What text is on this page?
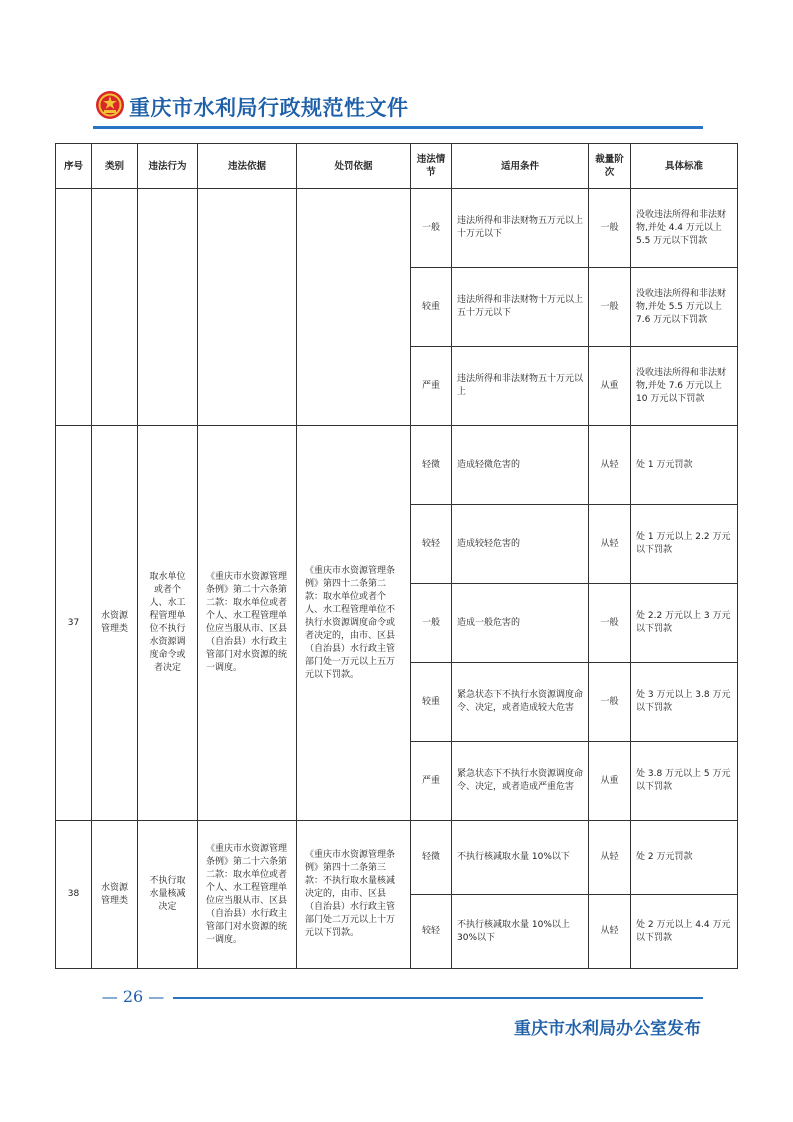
重庆市水利局行政规范性文件
序号	类别	违法行为	违法依据	处罚依据	违法情节	适用条件	裁量阶次	具体标准
					一般	违法所得和非法财物五万元以上十万元以下	一般	没收违法所得和非法财物,并处 4.4 万元以上 5.5 万元以下罚款
					较重	违法所得和非法财物十万元以上五十万元以下	一般	没收违法所得和非法财物,并处 5.5 万元以上 7.6 万元以下罚款
					严重	违法所得和非法财物五十万元以上	从重	没收违法所得和非法财物,并处 7.6 万元以上 10 万元以下罚款
37	水资源管理类	取水单位或者个人、水工程管理单位不执行水资源调度命令或者决定	《重庆市水资源管理条例》第二十六条第二款：取水单位或者个人、水工程管理单位应当服从市、区县（自治县）水行政主管部门对水资源的统一调度。	《重庆市水资源管理条例》第四十二条第二款：取水单位或者个人、水工程管理单位不执行水资源调度命令或者决定的，由市、区县（自治县）水行政主管部门处一万元以上五万元以下罚款。	轻微	造成轻微危害的	从轻	处 1 万元罚款
					较轻	造成较轻危害的	从轻	处 1 万元以上 2.2 万元以下罚款
					一般	造成一般危害的	一般	处 2.2 万元以上 3 万元以下罚款
					较重	紧急状态下不执行水资源调度命令、决定，或者造成较大危害	一般	处 3 万元以上 3.8 万元以下罚款
					严重	紧急状态下不执行水资源调度命令、决定，或者造成严重危害	从重	处 3.8 万元以上 5 万元以下罚款
38	水资源管理类	不执行取水量核减决定	《重庆市水资源管理条例》第二十六条第二款：取水单位或者个人、水工程管理单位应当服从市、区县（自治县）水行政主管部门对水资源的统一调度。	《重庆市水资源管理条例》第四十二条第三款：不执行取水量核减决定的，由市、区县（自治县）水行政主管部门处二万元以上十万元以下罚款。	轻微	不执行核减取水量 10%以下	从轻	处 2 万元罚款
					较轻	不执行核减取水量 10%以上 30%以下	从轻	处 2 万元以上 4.4 万元以下罚款
— 26 —
重庆市水利局办公室发布
